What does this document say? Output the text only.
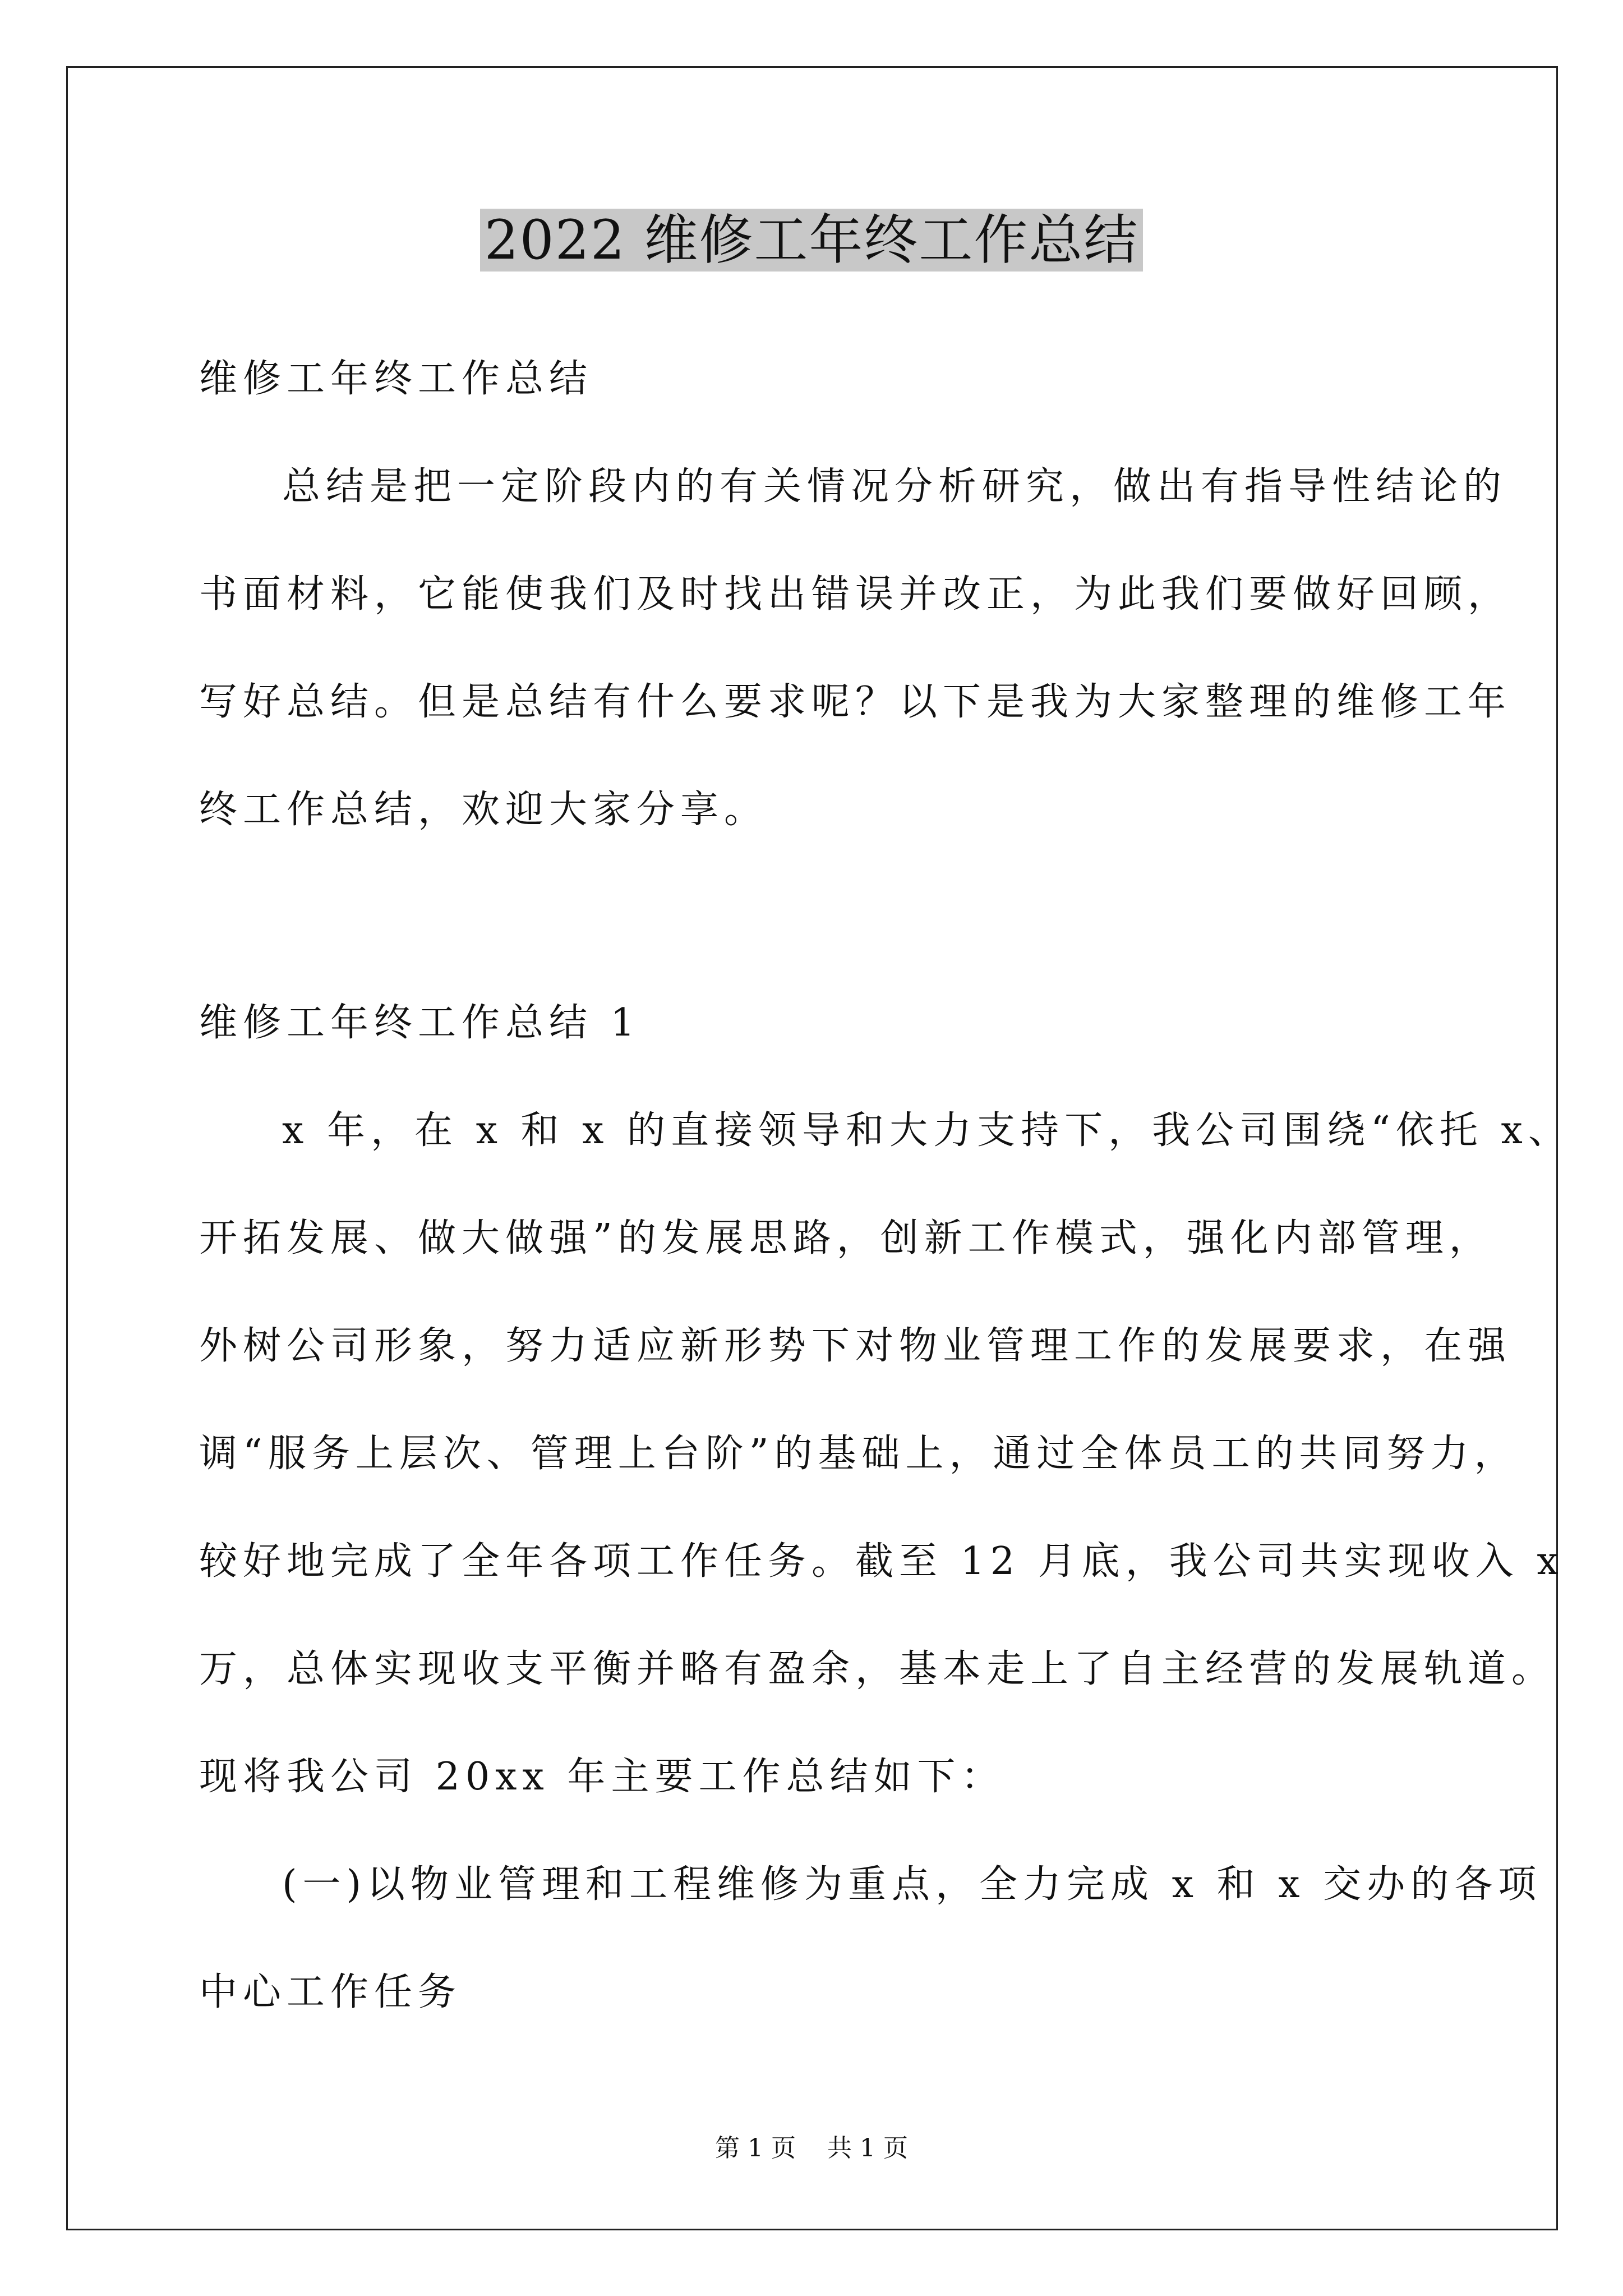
2022 维修工年终工作总结

维修工年终工作总结

总结是把一定阶段内的有关情况分析研究，做出有指导性结论的

书面材料，它能使我们及时找出错误并改正，为此我们要做好回顾，

写好总结。但是总结有什么要求呢？以下是我为大家整理的维修工年

终工作总结，欢迎大家分享。

维修工年终工作总结 1

x 年，在 x 和 x 的直接领导和大力支持下，我公司围绕“依托 x、

开拓发展、做大做强”的发展思路，创新工作模式，强化内部管理，

外树公司形象，努力适应新形势下对物业管理工作的发展要求，在强

调“服务上层次、管理上台阶”的基础上，通过全体员工的共同努力，

较好地完成了全年各项工作任务。截至 12 月底，我公司共实现收入 x

万，总体实现收支平衡并略有盈余，基本走上了自主经营的发展轨道。

现将我公司 20xx 年主要工作总结如下：

(一)以物业管理和工程维修为重点，全力完成 x 和 x 交办的各项

中心工作任务

第 1 页 共 1 页
